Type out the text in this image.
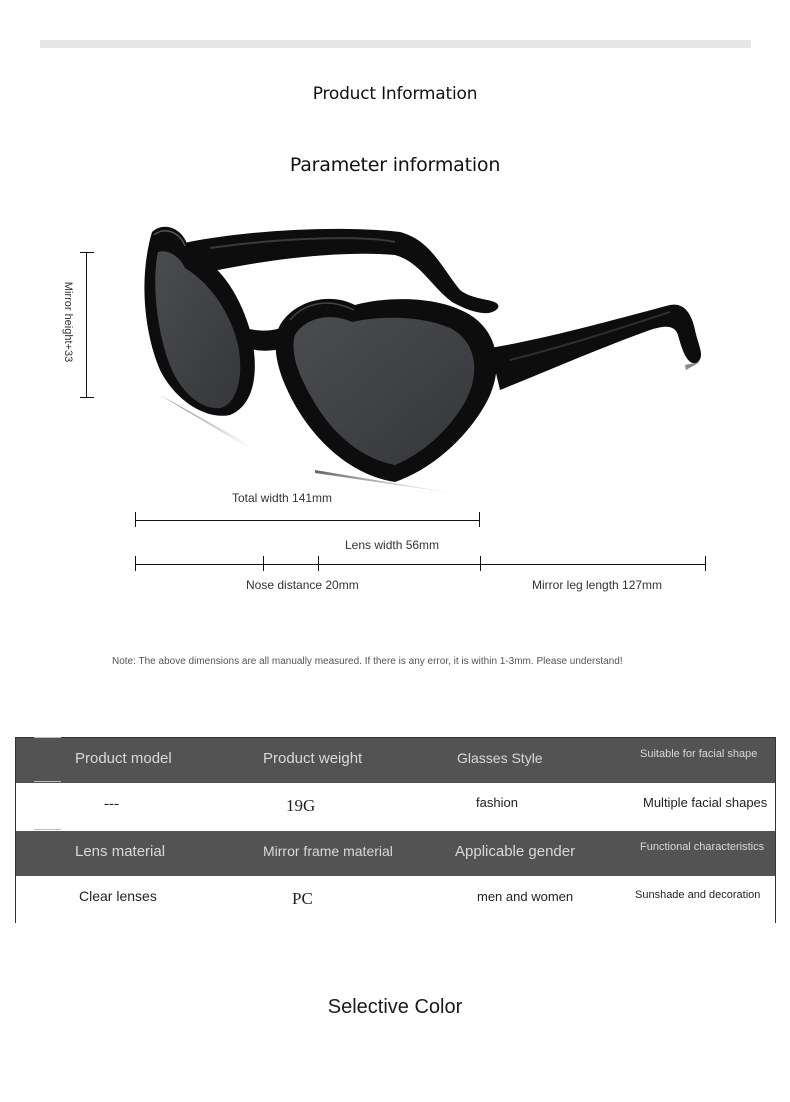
Product Information
Parameter information
Mirror height+33
Total width 141mm
Lens width 56mm
Nose distance 20mm	Mirror leg length 127mm
Note: The above dimensions are all manually measured. If there is any error, it is within 1-3mm. Please understand!
Product model	Product weight	Glasses Style	Suitable for facial shape
---	19G	fashion	Multiple facial shapes
Lens material	Mirror frame material	Applicable gender	Functional characteristics
Clear lenses	PC	men and women	Sunshade and decoration
Selective Color
